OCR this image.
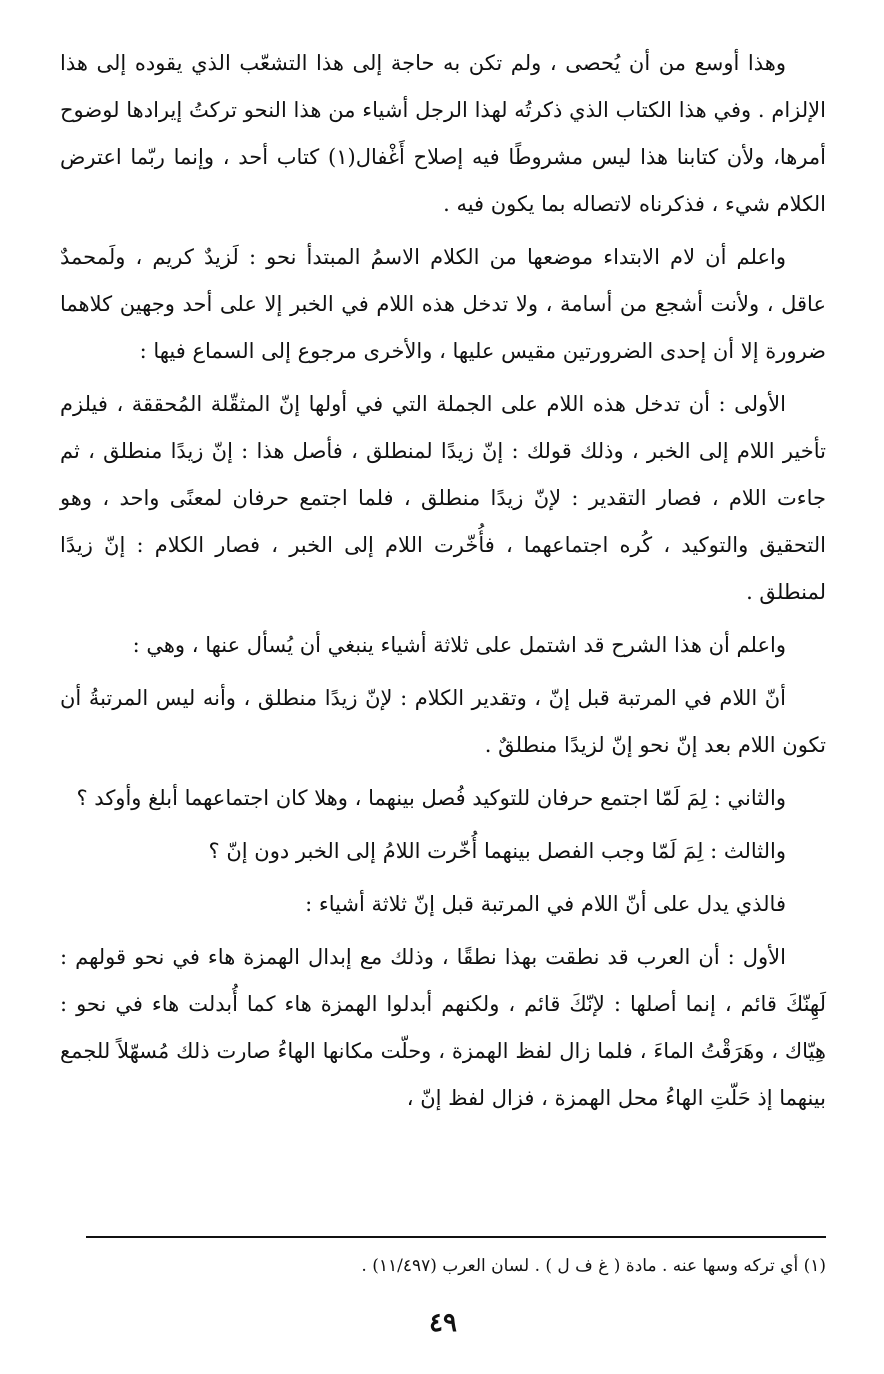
وهذا أوسع من أن يُحصى ، ولم تكن به حاجة إلى هذا التشعّب الذي يقوده إلى هذا الإلزام . وفي هذا الكتاب الذي ذكرتُه لهذا الرجل أشياء من هذا النحو تركتُ إيرادها لوضوح أمرها، ولأن كتابنا هذا ليس مشروطًا فيه إصلاح أَغْفال(١) كتاب أحد ، وإنما ربّما اعترض الكلام شيء ، فذكرناه لاتصاله بما يكون فيه .

واعلم أن لام الابتداء موضعها من الكلام الاسمُ المبتدأ نحو : لَزيدٌ كريم ، ولَمحمدٌ عاقل ، ولأنت أشجع من أسامة ، ولا تدخل هذه اللام في الخبر إلا على أحد وجهين كلاهما ضرورة إلا أن إحدى الضرورتين مقيس عليها ، والأخرى مرجوع إلى السماع فيها :

الأولى : أن تدخل هذه اللام على الجملة التي في أولها إنّ المثقّلة المُحققة ، فيلزم تأخير اللام إلى الخبر ، وذلك قولك : إنّ زيدًا لمنطلق ، فأصل هذا : إنّ زيدًا منطلق ، ثم جاءت اللام ، فصار التقدير : لإنّ زيدًا منطلق ، فلما اجتمع حرفان لمعنًى واحد ، وهو التحقيق والتوكيد ، كُره اجتماعهما ، فأُخّرت اللام إلى الخبر ، فصار الكلام : إنّ زيدًا لمنطلق .

واعلم أن هذا الشرح قد اشتمل على ثلاثة أشياء ينبغي أن يُسأل عنها ، وهي :

أنّ اللام في المرتبة قبل إنّ ، وتقدير الكلام : لإنّ زيدًا منطلق ، وأنه ليس المرتبةُ أن تكون اللام بعد إنّ نحو إنّ لزيدًا منطلقٌ .

والثاني : لِمَ لَمّا اجتمع حرفان للتوكيد فُصل بينهما ، وهلا كان اجتماعهما أبلغ وأوكد ؟

والثالث : لِمَ لَمّا وجب الفصل بينهما أُخّرت اللامُ إلى الخبر دون إنّ ؟

فالذي يدل على أنّ اللام في المرتبة قبل إنّ ثلاثة أشياء :

الأول : أن العرب قد نطقت بهذا نطقًا ، وذلك مع إبدال الهمزة هاء في نحو قولهم : لَهِنّكَ قائم ، إنما أصلها : لإنّكَ قائم ، ولكنهم أبدلوا الهمزة هاء كما أُبدلت هاء في نحو : هِيّاك ، وهَرَقْتُ الماءَ ، فلما زال لفظ الهمزة ، وحلّت مكانها الهاءُ صارت ذلك مُسهّلاً للجمع بينهما إذ حَلّتِ الهاءُ محل الهمزة ، فزال لفظ إنّ ،

(١) أي تركه وسها عنه . مادة ( غ ف ل ) . لسان العرب (١١/٤٩٧) .
٤٩
